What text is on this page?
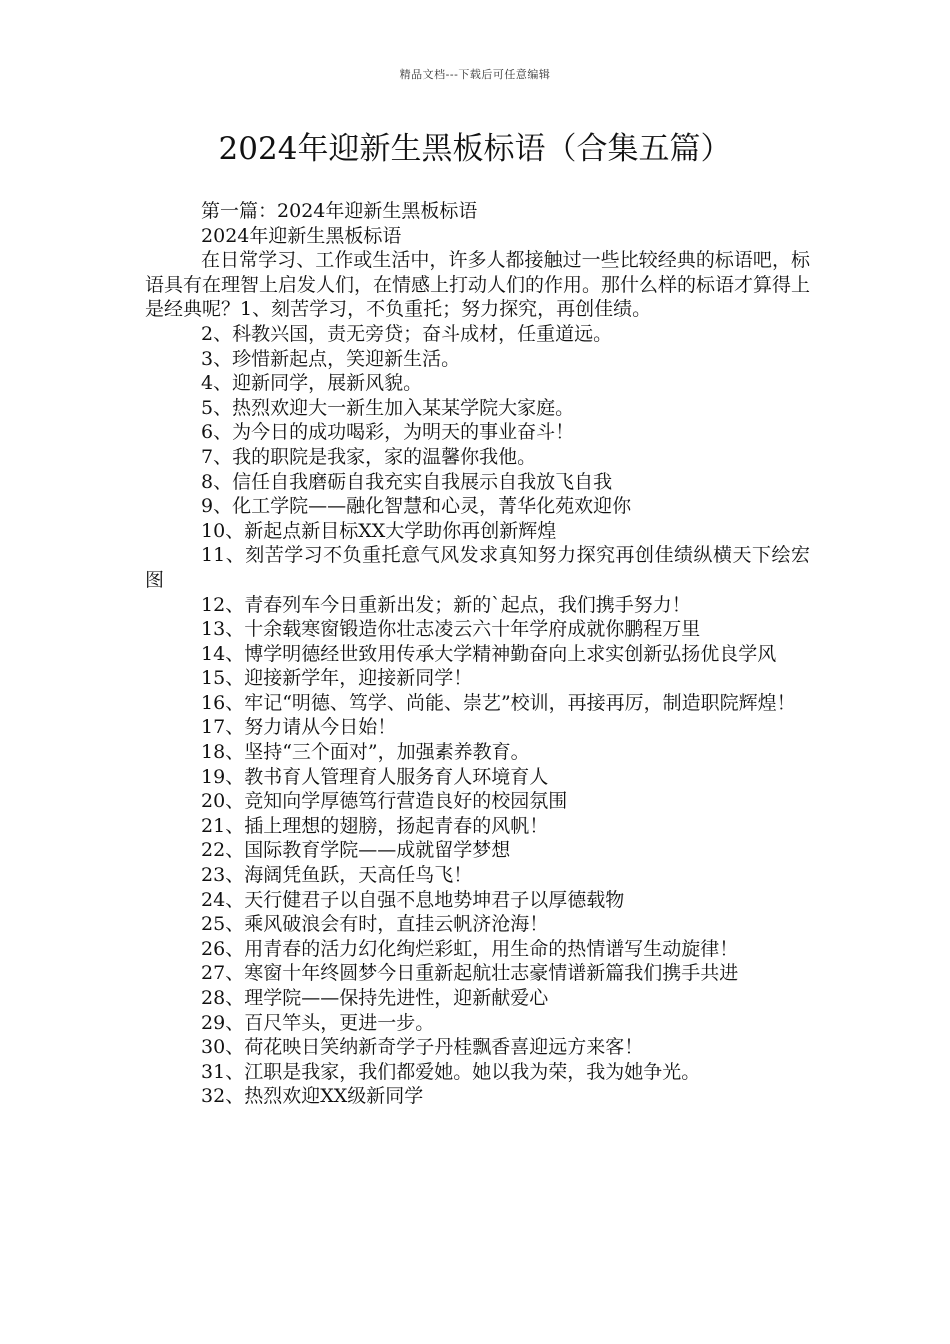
精品文档---下载后可任意编辑
2024年迎新生黑板标语（合集五篇）

第一篇：2024年迎新生黑板标语

2024年迎新生黑板标语

在日常学习、工作或生活中，许多人都接触过一些比较经典的标语吧，标语具有在理智上启发人们，在情感上打动人们的作用。那什么样的标语才算得上是经典呢？1、刻苦学习，不负重托；努力探究，再创佳绩。

2、科教兴国，责无旁贷；奋斗成材，任重道远。

3、珍惜新起点，笑迎新生活。

4、迎新同学，展新风貌。

5、热烈欢迎大一新生加入某某学院大家庭。

6、为今日的成功喝彩，为明天的事业奋斗！

7、我的职院是我家，家的温馨你我他。

8、信任自我磨砺自我充实自我展示自我放飞自我

9、化工学院——融化智慧和心灵，菁华化苑欢迎你

10、新起点新目标XX大学助你再创新辉煌

11、刻苦学习不负重托意气风发求真知努力探究再创佳绩纵横天下绘宏图

12、青春列车今日重新出发；新的`起点，我们携手努力！

13、十余载寒窗锻造你壮志凌云六十年学府成就你鹏程万里

14、博学明德经世致用传承大学精神勤奋向上求实创新弘扬优良学风

15、迎接新学年，迎接新同学！

16、牢记“明德、笃学、尚能、崇艺”校训，再接再厉，制造职院辉煌！

17、努力请从今日始！

18、坚持“三个面对”，加强素养教育。

19、教书育人管理育人服务育人环境育人

20、竞知向学厚德笃行营造良好的校园氛围

21、插上理想的翅膀，扬起青春的风帆！

22、国际教育学院——成就留学梦想

23、海阔凭鱼跃，天高任鸟飞！

24、天行健君子以自强不息地势坤君子以厚德载物

25、乘风破浪会有时，直挂云帆济沧海！

26、用青春的活力幻化绚烂彩虹，用生命的热情谱写生动旋律！

27、寒窗十年终圆梦今日重新起航壮志豪情谱新篇我们携手共进

28、理学院——保持先进性，迎新献爱心

29、百尺竿头，更进一步。

30、荷花映日笑纳新奇学子丹桂飘香喜迎远方来客！

31、江职是我家，我们都爱她。她以我为荣，我为她争光。

32、热烈欢迎XX级新同学
